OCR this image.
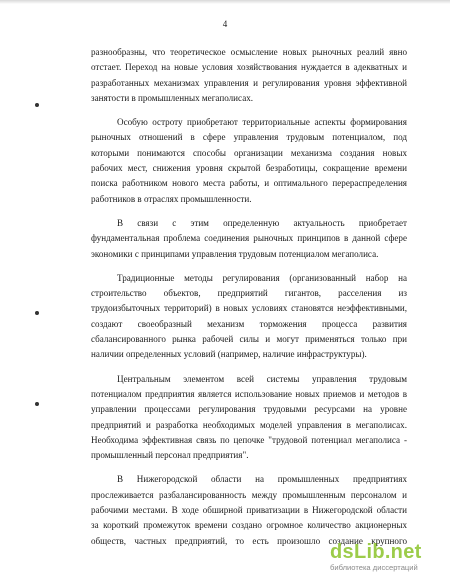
4
разнообразны, что теоретическое осмысление новых рыночных реалий явно
отстает. Переход на новые условия хозяйствования нуждается в адекватных и
разработанных механизмах управления и регулирования уровня эффективной
занятости в промышленных мегаполисах.
Особую остроту приобретают территориальные аспекты формирования
рыночных отношений в сфере управления трудовым потенциалом, под
которыми понимаются способы организации механизма создания новых
рабочих мест, снижения уровня скрытой безработицы, сокращение времени
поиска работником нового места работы, и оптимального перераспределения
работников в отраслях промышленности.
В связи с этим определенную актуальность приобретает
фундаментальная проблема соединения рыночных принципов в данной сфере
экономики с принципами управления трудовым потенциалом мегаполиса.
Традиционные методы регулирования (организованный набор на
строительство объектов, предприятий гигантов, расселения из
трудоизбыточных территорий) в новых условиях становятся неэффективными,
создают своеобразный механизм торможения процесса развития
сбалансированного рынка рабочей силы и могут применяться только при
наличии определенных условий (например, наличие инфраструктуры).
Центральным элементом всей системы управления трудовым
потенциалом предприятия является использование новых приемов и методов в
управлении процессами регулирования трудовыми ресурсами на уровне
предприятий и разработка необходимых моделей управления в мегаполисах.
Необходима эффективная связь по цепочке "трудовой потенциал мегаполиса -
промышленный персонал предприятия".
В Нижегородской области на промышленных предприятиях
прослеживается разбалансированность между промышленным персоналом и
рабочими местами. В ходе обширной приватизации в Нижегородской области
за короткий промежуток времени создано огромное количество акционерных
обществ, частных предприятий, то есть произошло создание крупного
dsLib.net
библиотека диссертаций
